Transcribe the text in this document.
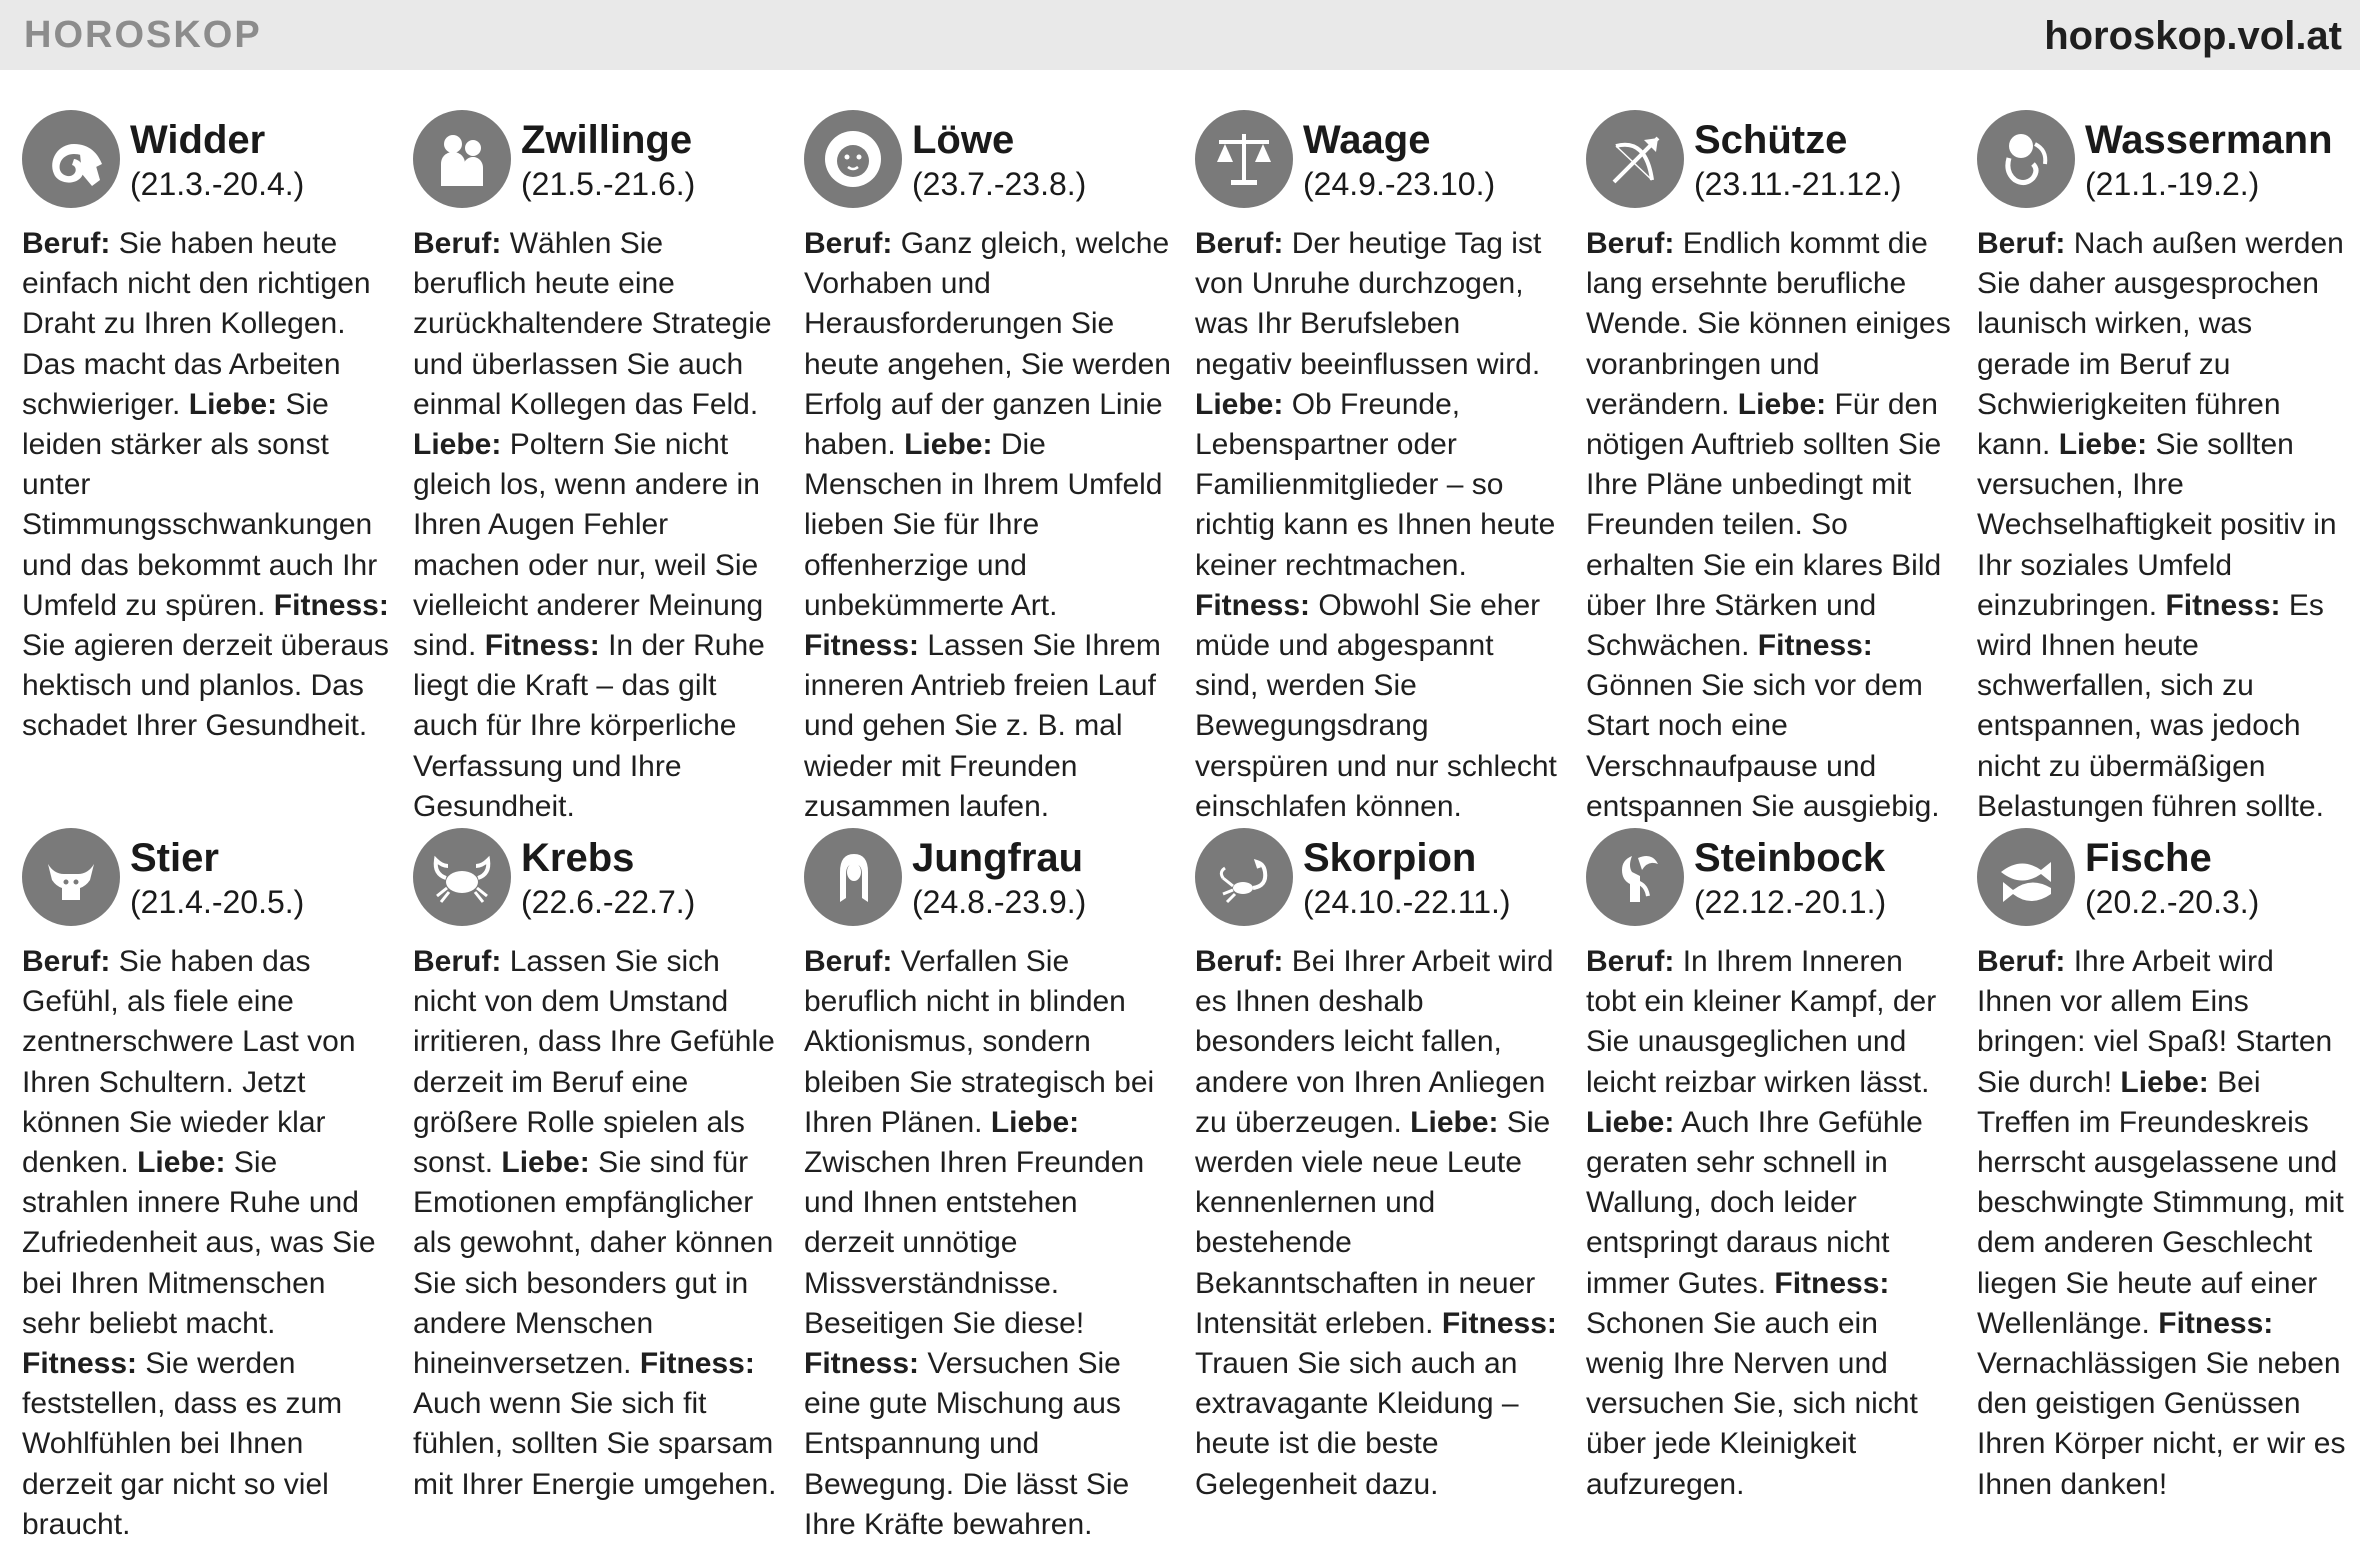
HOROSKOP	horoskop.vol.at
Widder
(21.3.-20.4.)
Beruf: Sie haben heute einfach nicht den richtigen Draht zu Ihren Kollegen. Das macht das Arbeiten schwieriger. Liebe: Sie leiden stärker als sonst unter Stimmungsschwankungen und das bekommt auch Ihr Umfeld zu spüren. Fitness: Sie agieren derzeit überaus hektisch und planlos. Das schadet Ihrer Gesundheit.
Zwillinge
(21.5.-21.6.)
Beruf: Wählen Sie beruflich heute eine zurückhaltendere Strategie und überlassen Sie auch einmal Kollegen das Feld. Liebe: Poltern Sie nicht gleich los, wenn andere in Ihren Augen Fehler machen oder nur, weil Sie vielleicht anderer Meinung sind. Fitness: In der Ruhe liegt die Kraft – das gilt auch für Ihre körperliche Verfassung und Ihre Gesundheit.
Löwe
(23.7.-23.8.)
Beruf: Ganz gleich, welche Vorhaben und Herausforderungen Sie heute angehen, Sie werden Erfolg auf der ganzen Linie haben. Liebe: Die Menschen in Ihrem Umfeld lieben Sie für Ihre offenherzige und unbekümmerte Art. Fitness: Lassen Sie Ihrem inneren Antrieb freien Lauf und gehen Sie z. B. mal wieder mit Freunden zusammen laufen.
Waage
(24.9.-23.10.)
Beruf: Der heutige Tag ist von Unruhe durchzogen, was Ihr Berufsleben negativ beeinflussen wird. Liebe: Ob Freunde, Lebenspartner oder Familienmitglieder – so richtig kann es Ihnen heute keiner rechtmachen. Fitness: Obwohl Sie eher müde und abgespannt sind, werden Sie Bewegungsdrang verspüren und nur schlecht einschlafen können.
Schütze
(23.11.-21.12.)
Beruf: Endlich kommt die lang ersehnte berufliche Wende. Sie können einiges voranbringen und verändern. Liebe: Für den nötigen Auftrieb sollten Sie Ihre Pläne unbedingt mit Freunden teilen. So erhalten Sie ein klares Bild über Ihre Stärken und Schwächen. Fitness: Gönnen Sie sich vor dem Start noch eine Verschnaufpause und entspannen Sie ausgiebig.
Wassermann
(21.1.-19.2.)
Beruf: Nach außen werden Sie daher ausgesprochen launisch wirken, was gerade im Beruf zu Schwierigkeiten führen kann. Liebe: Sie sollten versuchen, Ihre Wechselhaftigkeit positiv in Ihr soziales Umfeld einzubringen. Fitness: Es wird Ihnen heute schwerfallen, sich zu entspannen, was jedoch nicht zu übermäßigen Belastungen führen sollte.
Stier
(21.4.-20.5.)
Beruf: Sie haben das Gefühl, als fiele eine zentnerschwere Last von Ihren Schultern. Jetzt können Sie wieder klar denken. Liebe: Sie strahlen innere Ruhe und Zufriedenheit aus, was Sie bei Ihren Mitmenschen sehr beliebt macht. Fitness: Sie werden feststellen, dass es zum Wohlfühlen bei Ihnen derzeit gar nicht so viel braucht.
Krebs
(22.6.-22.7.)
Beruf: Lassen Sie sich nicht von dem Umstand irritieren, dass Ihre Gefühle derzeit im Beruf eine größere Rolle spielen als sonst. Liebe: Sie sind für Emotionen empfänglicher als gewohnt, daher können Sie sich besonders gut in andere Menschen hineinversetzen. Fitness: Auch wenn Sie sich fit fühlen, sollten Sie sparsam mit Ihrer Energie umgehen.
Jungfrau
(24.8.-23.9.)
Beruf: Verfallen Sie beruflich nicht in blinden Aktionismus, sondern bleiben Sie strategisch bei Ihren Plänen. Liebe: Zwischen Ihren Freunden und Ihnen entstehen derzeit unnötige Missverständnisse. Beseitigen Sie diese! Fitness: Versuchen Sie eine gute Mischung aus Entspannung und Bewegung. Die lässt Sie Ihre Kräfte bewahren.
Skorpion
(24.10.-22.11.)
Beruf: Bei Ihrer Arbeit wird es Ihnen deshalb besonders leicht fallen, andere von Ihren Anliegen zu überzeugen. Liebe: Sie werden viele neue Leute kennenlernen und bestehende Bekanntschaften in neuer Intensität erleben. Fitness: Trauen Sie sich auch an extravagante Kleidung – heute ist die beste Gelegenheit dazu.
Steinbock
(22.12.-20.1.)
Beruf: In Ihrem Inneren tobt ein kleiner Kampf, der Sie unausgeglichen und leicht reizbar wirken lässt. Liebe: Auch Ihre Gefühle geraten sehr schnell in Wallung, doch leider entspringt daraus nicht immer Gutes. Fitness: Schonen Sie auch ein wenig Ihre Nerven und versuchen Sie, sich nicht über jede Kleinigkeit aufzuregen.
Fische
(20.2.-20.3.)
Beruf: Ihre Arbeit wird Ihnen vor allem Eins bringen: viel Spaß! Starten Sie durch! Liebe: Bei Treffen im Freundeskreis herrscht ausgelassene und beschwingte Stimmung, mit dem anderen Geschlecht liegen Sie heute auf einer Wellenlänge. Fitness: Vernachlässigen Sie neben den geistigen Genüssen Ihren Körper nicht, er wir es Ihnen danken!
